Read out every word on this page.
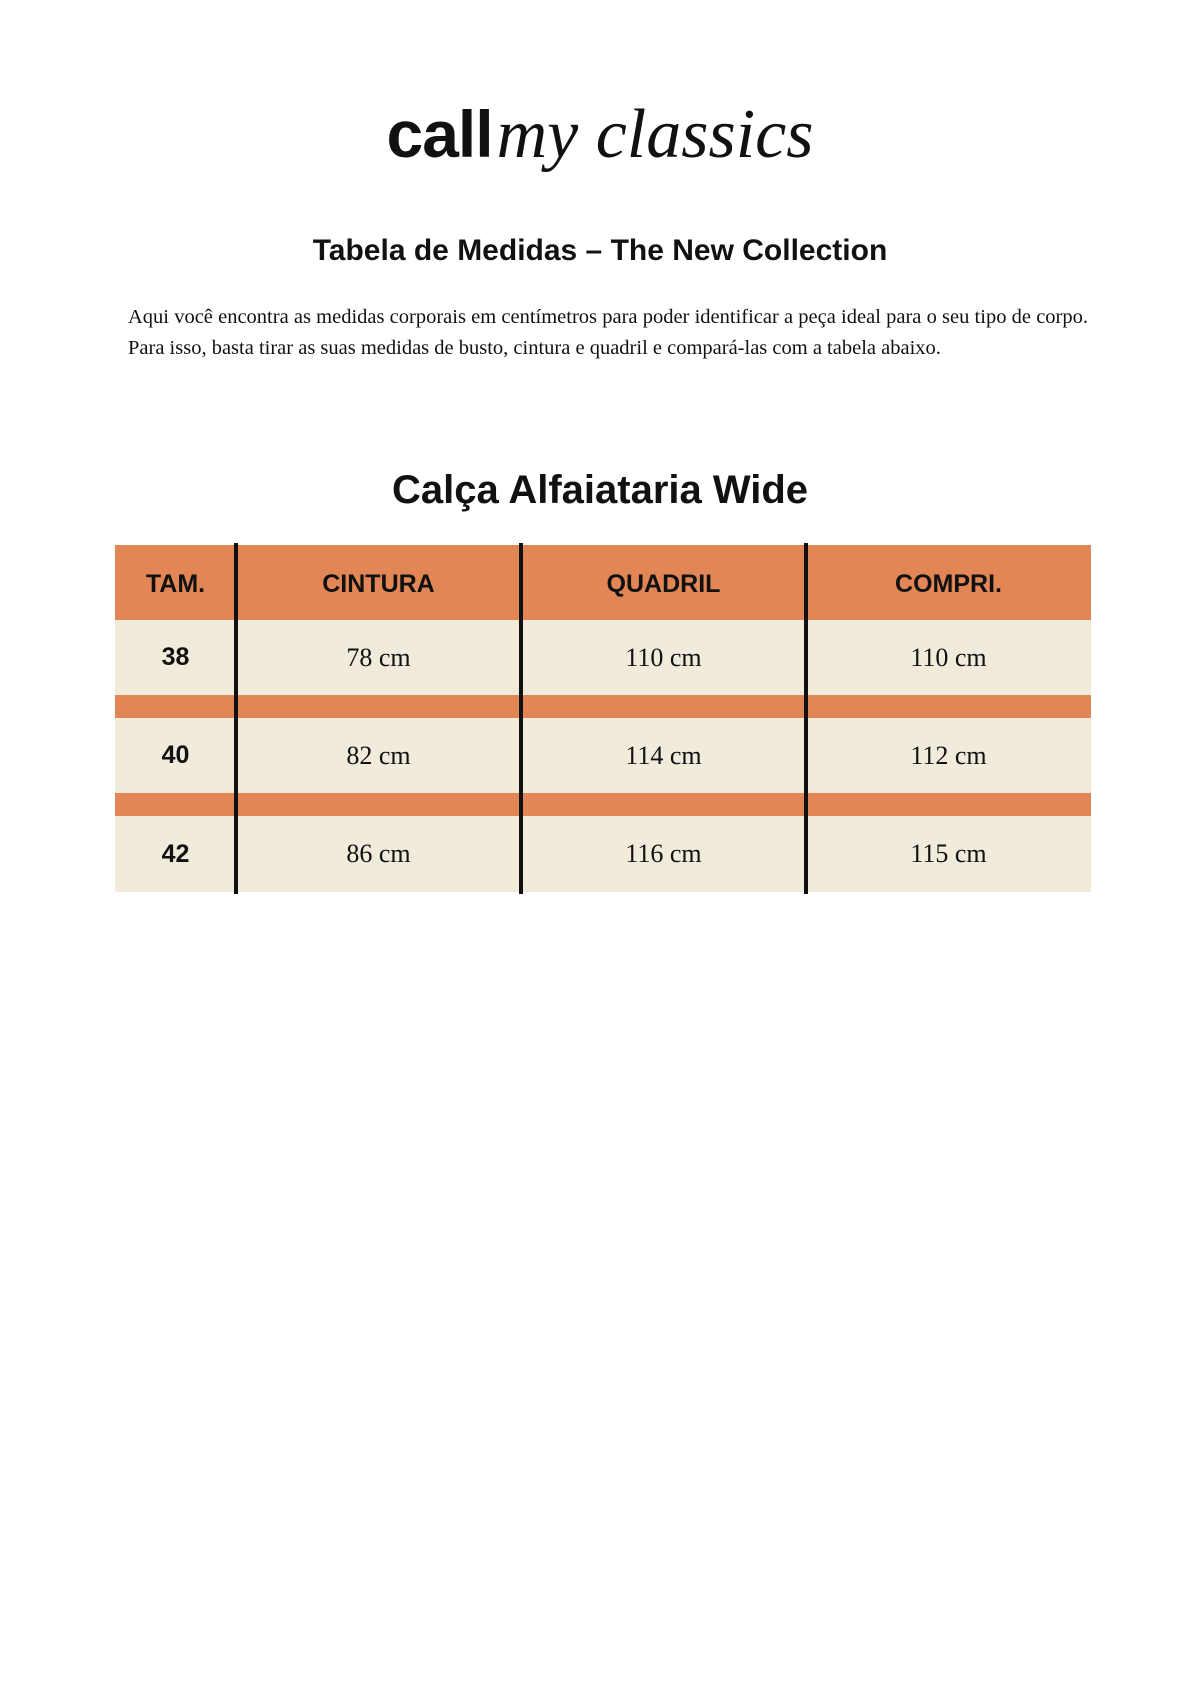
callmy classics
Tabela de Medidas – The New Collection

Aqui você encontra as medidas corporais em centímetros para poder identificar a peça ideal para o seu tipo de corpo. Para isso, basta tirar as suas medidas de busto, cintura e quadril e compará-las com a tabela abaixo.

Calça Alfaiataria Wide
TAM.	CINTURA	QUADRIL	COMPRI.
38	78 cm	110 cm	110 cm
40	82 cm	114 cm	112 cm
42	86 cm	116 cm	115 cm
